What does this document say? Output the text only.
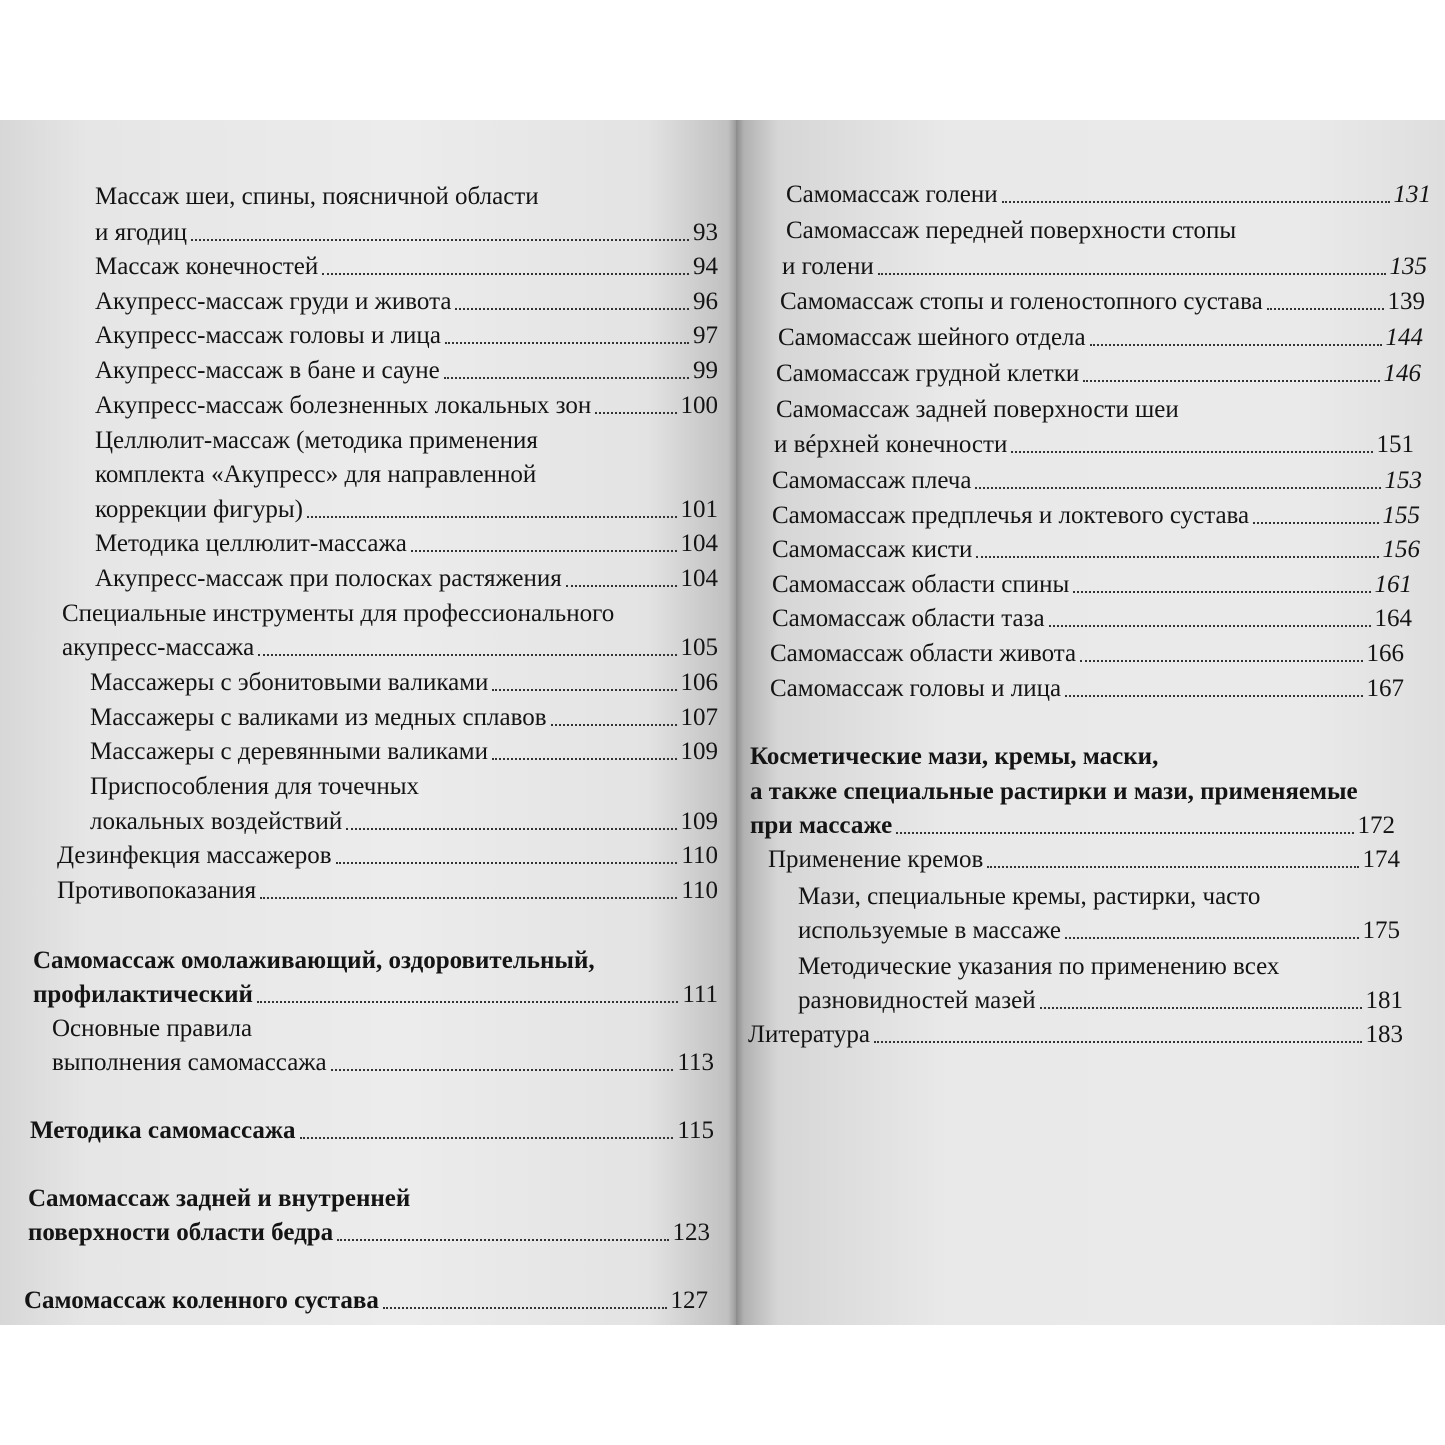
Массаж шеи, спины, поясничной области
и ягодиц	93
Массаж конечностей	94
Акупресс-массаж груди и живота	96
Акупресс-массаж головы и лица	97
Акупресс-массаж в бане и сауне	99
Акупресс-массаж болезненных локальных зон	100
Целлюлит-массаж (методика применения
комплекта «Акупресс» для направленной
коррекции фигуры)	101
Методика целлюлит-массажа	104
Акупресс-массаж при полосках растяжения	104
Специальные инструменты для профессионального
акупресс-массажа	105
Массажеры с эбонитовыми валиками	106
Массажеры с валиками из медных сплавов	107
Массажеры с деревянными валиками	109
Приспособления для точечных
локальных воздействий	109
Дезинфекция массажеров	110
Противопоказания	110
Самомассаж омолаживающий, оздоровительный,
профилактический	111
Основные правила
выполнения самомассажа	113
Методика самомассажа	115
Самомассаж задней и внутренней
поверхности области бедра	123
Самомассаж коленного сустава	127
Самомассаж голени	131
Самомассаж передней поверхности стопы
и голени	135
Самомассаж стопы и голеностопного сустава	139
Самомассаж шейного отдела	144
Самомассаж грудной клетки	146
Самомассаж задней поверхности шеи
и вéрхней конечности	151
Самомассаж плеча	153
Самомассаж предплечья и локтевого сустава	155
Самомассаж кисти	156
Самомассаж области спины	161
Самомассаж области таза	164
Самомассаж области живота	166
Самомассаж головы и лица	167
Косметические мази, кремы, маски,
а также специальные растирки и мази, применяемые
при массаже	172
Применение кремов	174
Мази, специальные кремы, растирки, часто
используемые в массаже	175
Методические указания по применению всех
разновидностей мазей	181
Литература	183
